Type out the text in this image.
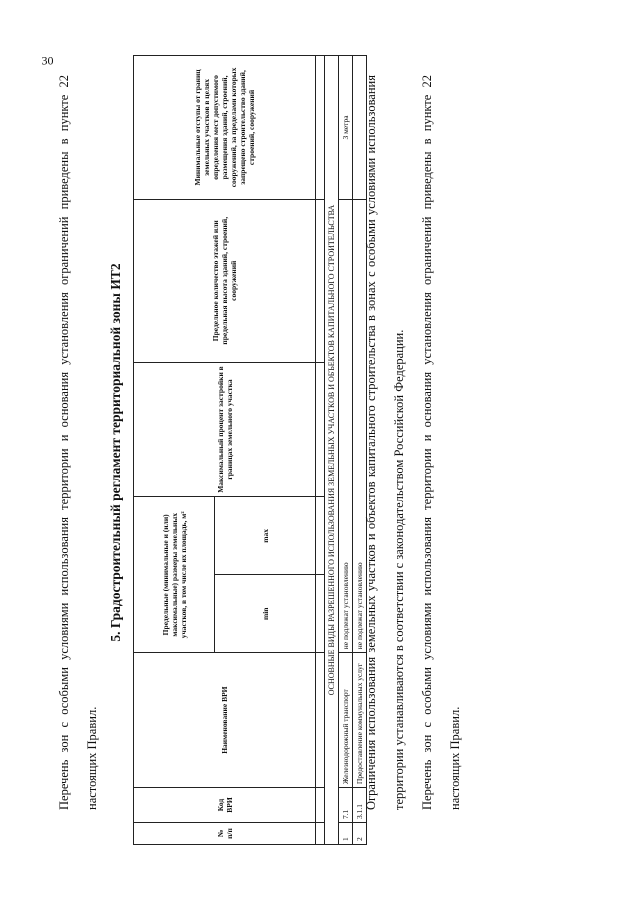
30
Перечень зон с особыми условиями использования территории и основания установления ограничений приведены в пункте 22 настоящих Правил.
5. Градостроительный регламент территориальной зоны ИТ2
№ п/п	Код ВРИ	Наименование ВРИ	Предельные (минимальные и (или) максимальные) размеры земельных участков, в том числе их площадь, м²		Максимальный процент застройки в границах земельного участка	Предельное количество этажей или предельная высота зданий, строений, сооружений	Минимальные отступы от границ земельных участков в целях определения мест допустимого размещения зданий, строений, сооружений, за пределами которых запрещено строительство зданий, строений, сооружений
			min	max			

ОСНОВНЫЕ ВИДЫ РАЗРЕШЕННОГО ИСПОЛЬЗОВАНИЯ ЗЕМЕЛЬНЫХ УЧАСТКОВ И ОБЪЕКТОВ КАПИТАЛЬНОГО СТРОИТЕЛЬСТВА							
1	7.1	Железнодорожный транспорт	не подлежат установлению				3 метра
2	3.1.1	Предоставление коммунальных услуг	не подлежат установлению				Ограничения использования земельных участков и объектов капитального строительства в зонах с особыми условиями использования территории устанавливаются в соответствии с законодательством Российской Федерации.	Перечень зон с особыми условиями использования территории и основания установления ограничений приведены в пункте 22 настоящих Правил.
